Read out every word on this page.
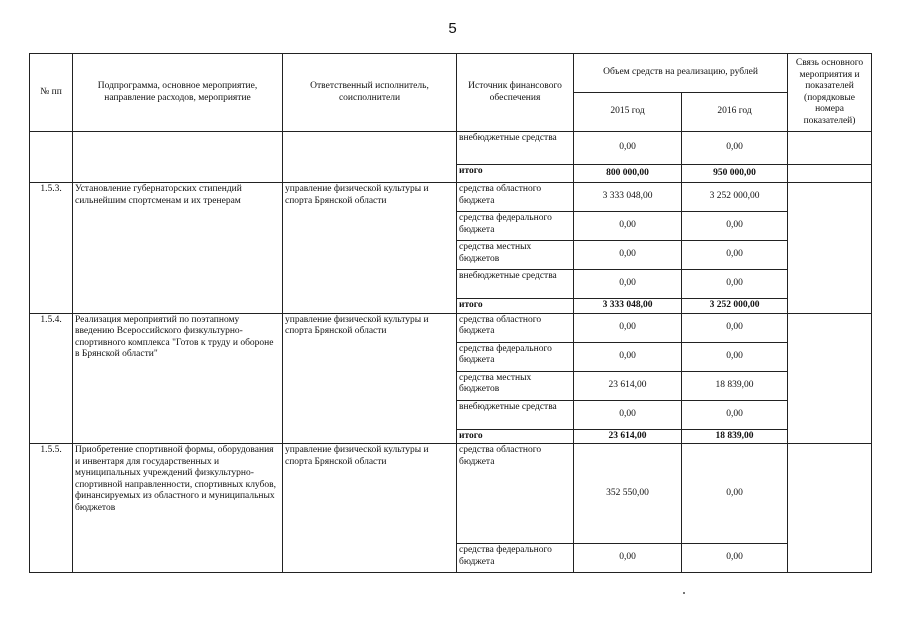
5
№ пп	Подпрограмма, основное мероприятие, направление расходов, мероприятие	Ответственный исполнитель, соисполнители	Источник финансового обеспечения	Объем средств на реализацию, рублей		Связь основного мероприятия и показателей (порядковые номера показателей)
				2015 год	2016 год	
			внебюджетные средства	0,00	0,00	
			итого	800 000,00	950 000,00	
1.5.3.	Установление губернаторских стипендий сильнейшим спортсменам и их тренерам	управление физической культуры и спорта Брянской области	средства областного бюджета	3 333 048,00	3 252 000,00	
			средства федерального бюджета	0,00	0,00	
			средства местных бюджетов	0,00	0,00	
			внебюджетные средства	0,00	0,00	
			итого	3 333 048,00	3 252 000,00	
1.5.4.	Реализация мероприятий по поэтапному введению Всероссийского физкультурно-спортивного комплекса "Готов к труду и обороне в Брянской области"	управление физической культуры и спорта Брянской области	средства областного бюджета	0,00	0,00	
			средства федерального бюджета	0,00	0,00	
			средства местных бюджетов	23 614,00	18 839,00	
			внебюджетные средства	0,00	0,00	
			итого	23 614,00	18 839,00	
1.5.5.	Приобретение спортивной формы, оборудования и инвентаря для государственных и муниципальных учреждений физкультурно-спортивной направленности, спортивных клубов, финансируемых из областного и муниципальных бюджетов	управление физической культуры и спорта Брянской области	средства областного бюджета	352 550,00	0,00	
			средства федерального бюджета	0,00	0,00	
